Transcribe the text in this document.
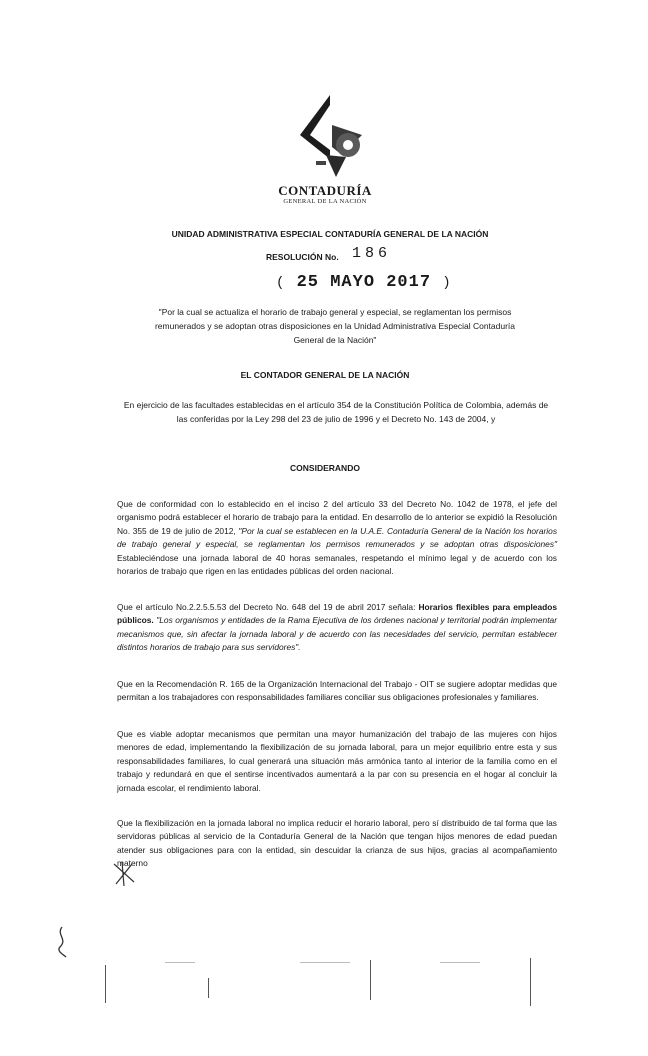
CONTADURÍA
GENERAL DE LA NACIÓN
UNIDAD ADMINISTRATIVA ESPECIAL CONTADURÍA GENERAL DE LA NACIÓN
RESOLUCIÓN No. 186
( 25 MAYO 2017 )
"Por la cual se actualiza el horario de trabajo general y especial, se reglamentan los permisos remunerados y se adoptan otras disposiciones en la Unidad Administrativa Especial Contaduría General de la Nación"
EL CONTADOR GENERAL DE LA NACIÓN
En ejercicio de las facultades establecidas en el artículo 354 de la Constitución Política de Colombia, además de las conferidas por la Ley 298 del 23 de julio de 1996 y el Decreto No. 143 de 2004, y
CONSIDERANDO
Que de conformidad con lo establecido en el inciso 2 del artículo 33 del Decreto No. 1042 de 1978, el jefe del organismo podrá establecer el horario de trabajo para la entidad. En desarrollo de lo anterior se expidió la Resolución No. 355 de 19 de julio de 2012, "Por la cual se establecen en la U.A.E. Contaduría General de la Nación los horarios de trabajo general y especial, se reglamentan los permisos remunerados y se adoptan otras disposiciones" Estableciéndose una jornada laboral de 40 horas semanales, respetando el mínimo legal y de acuerdo con los horarios de trabajo que rigen en las entidades públicas del orden nacional.
Que el artículo No.2.2.5.5.53 del Decreto No. 648 del 19 de abril 2017 señala: Horarios flexibles para empleados públicos. "Los organismos y entidades de la Rama Ejecutiva de los órdenes nacional y territorial podrán implementar mecanismos que, sin afectar la jornada laboral y de acuerdo con las necesidades del servicio, permitan establecer distintos horarios de trabajo para sus servidores".
Que en la Recomendación R. 165 de la Organización Internacional del Trabajo - OIT se sugiere adoptar medidas que permitan a los trabajadores con responsabilidades familiares conciliar sus obligaciones profesionales y familiares.
Que es viable adoptar mecanismos que permitan una mayor humanización del trabajo de las mujeres con hijos menores de edad, implementando la flexibilización de su jornada laboral, para un mejor equilibrio entre esta y sus responsabilidades familiares, lo cual generará una situación más armónica tanto al interior de la familia como en el trabajo y redundará en que el sentirse incentivados aumentará a la par con su presencia en el hogar al concluir la jornada escolar, el rendimiento laboral.
Que la flexibilización en la jornada laboral no implica reducir el horario laboral, pero sí distribuido de tal forma que las servidoras públicas al servicio de la Contaduría General de la Nación que tengan hijos menores de edad puedan atender sus obligaciones para con la entidad, sin descuidar la crianza de sus hijos, gracias al acompañamiento materno
